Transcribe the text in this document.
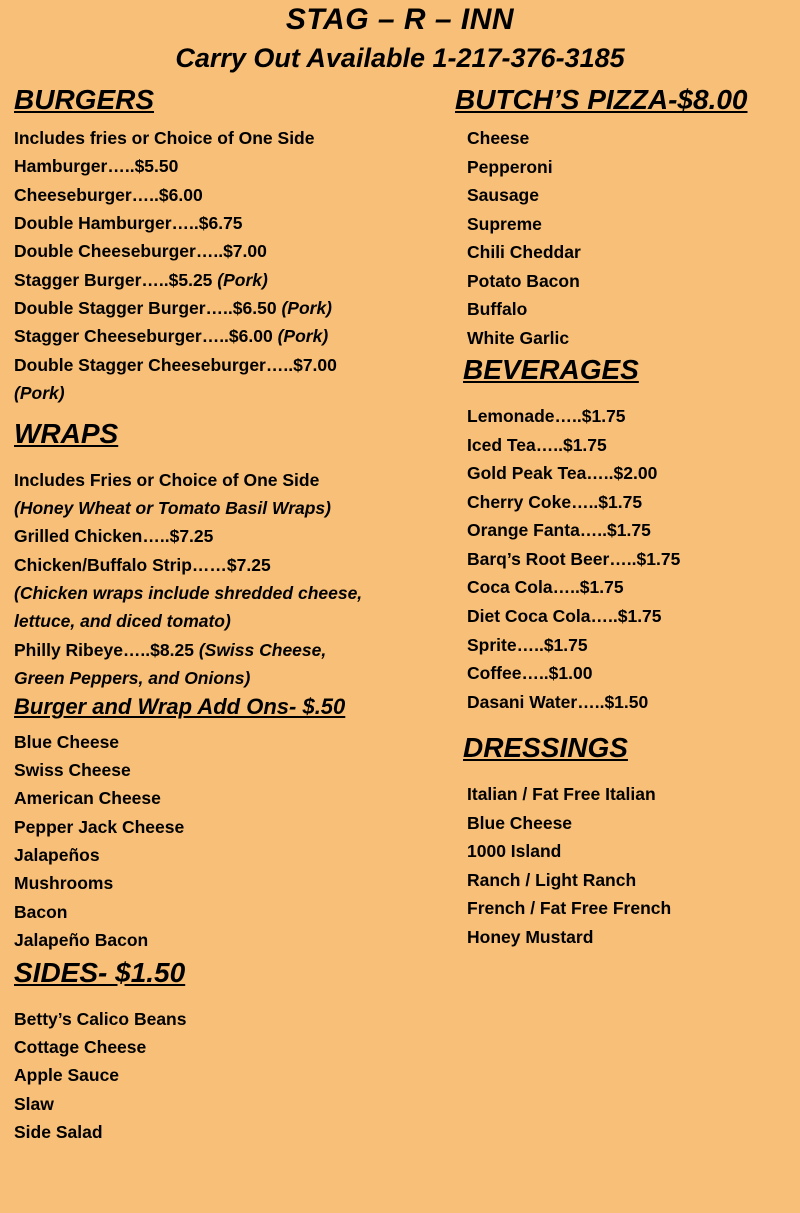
STAG – R – INN
Carry Out Available 1-217-376-3185
BURGERS
Includes fries or Choice of One Side
Hamburger…..$5.50
Cheeseburger…..$6.00
Double Hamburger…..$6.75
Double Cheeseburger…..$7.00
Stagger Burger…..$5.25 (Pork)
Double Stagger Burger…..$6.50 (Pork)
Stagger Cheeseburger…..$6.00 (Pork)
Double Stagger Cheeseburger…..$7.00
(Pork)
WRAPS
Includes Fries or Choice of One Side
(Honey Wheat or Tomato Basil Wraps)
Grilled Chicken…..$7.25
Chicken/Buffalo Strip……$7.25
(Chicken wraps include shredded cheese,
lettuce, and diced tomato)
Philly Ribeye…..$8.25 (Swiss Cheese,
Green Peppers, and Onions)
Burger and Wrap Add Ons- $.50
Blue Cheese
Swiss Cheese
American Cheese
Pepper Jack Cheese
Jalapeños
Mushrooms
Bacon
Jalapeño Bacon
SIDES- $1.50
Betty’s Calico Beans
Cottage Cheese
Apple Sauce
Slaw
Side Salad
BUTCH’S PIZZA-$8.00
Cheese
Pepperoni
Sausage
Supreme
Chili Cheddar
Potato Bacon
Buffalo
White Garlic
BEVERAGES
Lemonade…..$1.75
Iced Tea…..$1.75
Gold Peak Tea…..$2.00
Cherry Coke…..$1.75
Orange Fanta…..$1.75
Barq’s Root Beer…..$1.75
Coca Cola…..$1.75
Diet Coca Cola…..$1.75
Sprite…..$1.75
Coffee…..$1.00
Dasani Water…..$1.50
DRESSINGS
Italian / Fat Free Italian
Blue Cheese
1000 Island
Ranch / Light Ranch
French / Fat Free French
Honey Mustard
